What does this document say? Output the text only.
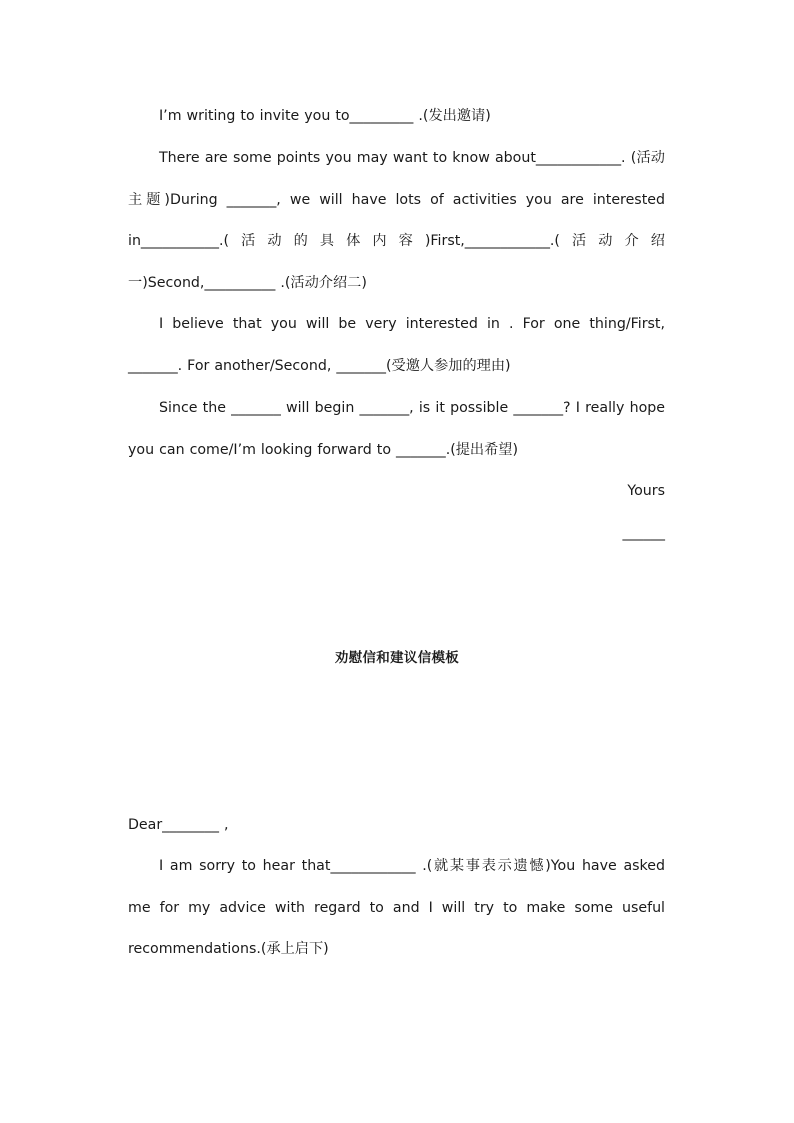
I’m writing to invite you to_________ .(发出邀请)

There are some points you may want to know about____________. (活动主题)During _______, we will have lots of activities you are interested in___________.(活动的具体内容)First,____________.(活动介绍一)Second,__________ .(活动介绍二)

I believe that you will be very interested in . For one thing/First, _______. For another/Second, _______(受邀人参加的理由)

Since the _______ will begin _______, is it possible _______? I really hope you can come/I’m looking forward to _______.(提出希望)

Yours

______

劝慰信和建议信模板

Dear________ ,

I am sorry to hear that____________ .(就某事表示遗憾)You have asked me for my advice with regard to and I will try to make some useful recommendations.(承上启下)
